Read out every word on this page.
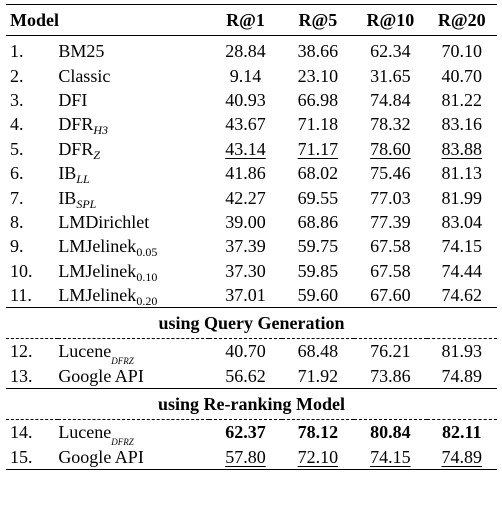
Model		R@1	R@5	R@10	R@20
1.	BM25	28.84	38.66	62.34	70.10
2.	Classic	9.14	23.10	31.65	40.70
3.	DFI	40.93	66.98	74.84	81.22
4.	$DFR_{H3}$	43.67	71.18	78.32	83.16
5.	$DFR_Z$	43.14	71.17	78.60	83.88
6.	$IB_{LL}$	41.86	68.02	75.46	81.13
7.	$IB_{SPL}$	42.27	69.55	77.03	81.99
8.	LMDirichlet	39.00	68.86	77.39	83.04
9.	LMJelinek$_{0.05}$	37.39	59.75	67.58	74.15
10.	LMJelinek$_{0.10}$	37.30	59.85	67.58	74.44
11.	LMJelinek$_{0.20}$	37.01	59.60	67.60	74.62
using Query Generation					
12.	Lucene$_{_{DFRZ}}$	40.70	68.48	76.21	81.93
13.	Google API	56.62	71.92	73.86	74.89
using Re-ranking Model					
14.	Lucene$_{_{DFRZ}}$	62.37	78.12	80.84	82.11
15.	Google API	57.80	72.10	74.15	74.89
